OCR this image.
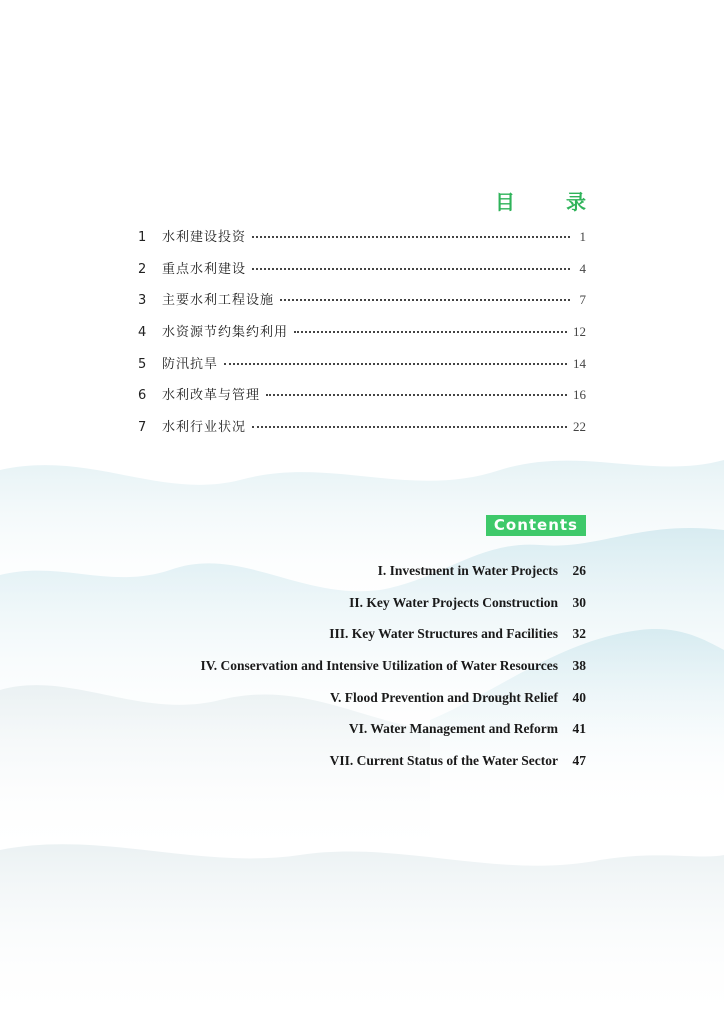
目 录
1	水利建设投资	1
2	重点水利建设	4
3	主要水利工程设施	7
4	水资源节约集约利用	12
5	防汛抗旱	14
6	水利改革与管理	16
7	水利行业状况	22
Contents
I. Investment in Water Projects	26
II. Key Water Projects Construction	30
III. Key Water Structures and Facilities	32
IV. Conservation and Intensive Utilization of Water Resources	38
V. Flood Prevention and Drought Relief	40
VI. Water Management and Reform	41
VII. Current Status of the Water Sector	47
